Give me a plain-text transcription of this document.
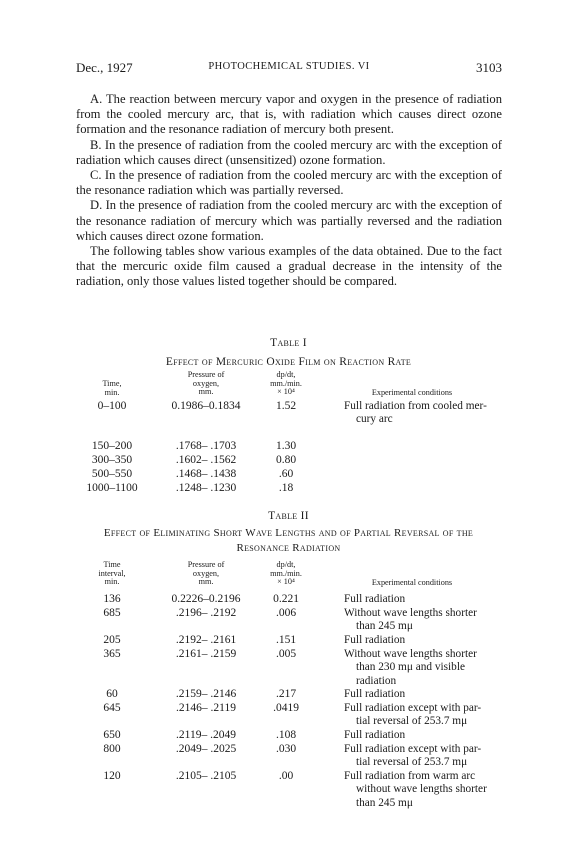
Dec., 1927	PHOTOCHEMICAL STUDIES. VI	3103

A. The reaction between mercury vapor and oxygen in the presence of radiation from the cooled mercury arc, that is, with radiation which causes direct ozone formation and the resonance radiation of mercury both present.

B. In the presence of radiation from the cooled mercury arc with the exception of radiation which causes direct (unsensitized) ozone formation.

C. In the presence of radiation from the cooled mercury arc with the exception of the resonance radiation which was partially reversed.

D. In the presence of radiation from the cooled mercury arc with the exception of the resonance radiation of mercury which was partially reversed and the radiation which causes direct ozone formation.

The following tables show various examples of the data obtained. Due to the fact that the mercuric oxide film caused a gradual decrease in the intensity of the radiation, only those values listed together should be compared.

Table I
Effect of Mercuric Oxide Film on Reaction Rate
Time,
min.
Pressure of
oxygen,
mm.
dp/dt,
mm./min.
× 10⁴	Experimental conditions
0–100	0.1986–0.1834	1.52	Full radiation from cooled mer-
cury arc
150–200	.1768– .1703	1.30
300–350	.1602– .1562	0.80
500–550	.1468– .1438	.60
1000–1100	.1248– .1230	.18
Table II
Effect of Eliminating Short Wave Lengths and of Partial Reversal of the
Resonance Radiation
Time
interval,
min.
Pressure of
oxygen,
mm.
dp/dt,
mm./min.
× 10⁴	Experimental conditions
136	0.2226–0.2196	0.221	Full radiation
685	.2196– .2192	.006	Without wave lengths shorter
than 245 mμ
205	.2192– .2161	.151	Full radiation
365	.2161– .2159	.005	Without wave lengths shorter
than 230 mμ and visible
radiation
60	.2159– .2146	.217	Full radiation
645	.2146– .2119	.0419	Full radiation except with par-
tial reversal of 253.7 mμ
650	.2119– .2049	.108	Full radiation
800	.2049– .2025	.030	Full radiation except with par-
tial reversal of 253.7 mμ
120	.2105– .2105	.00	Full radiation from warm arc
without wave lengths shorter
than 245 mμ
